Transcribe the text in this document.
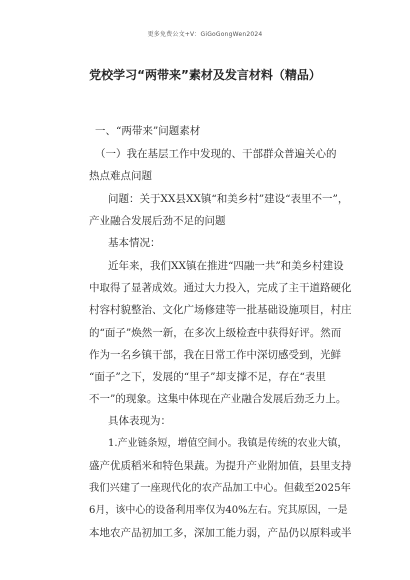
更多免费公文+V：GiGoGongWen2024
党校学习“两带来”素材及发言材料（精品）
一、“两带来”问题素材
（一）我在基层工作中发现的、干部群众普遍关心的
热点难点问题
问题：关于XX县XX镇“和美乡村”建设“表里不一”，
产业融合发展后劲不足的问题
基本情况：
近年来，我们XX镇在推进“四融一共”和美乡村建设
中取得了显著成效。通过大力投入，完成了主干道路硬化
村容村貌整治、文化广场修建等一批基础设施项目，村庄
的“面子”焕然一新，在多次上级检查中获得好评。然而
作为一名乡镇干部，我在日常工作中深切感受到，光鲜
“面子”之下，发展的“里子”却支撑不足，存在“表里
不一”的现象。这集中体现在产业融合发展后劲乏力上。
具体表现为：
1.产业链条短，增值空间小。我镇是传统的农业大镇，
盛产优质稻米和特色果蔬。为提升产业附加值，县里支持
我们兴建了一座现代化的农产品加工中心。但截至2025年
6月，该中心的设备利用率仅为40%左右。究其原因，一是
本地农产品初加工多，深加工能力弱，产品仍以原料或半
